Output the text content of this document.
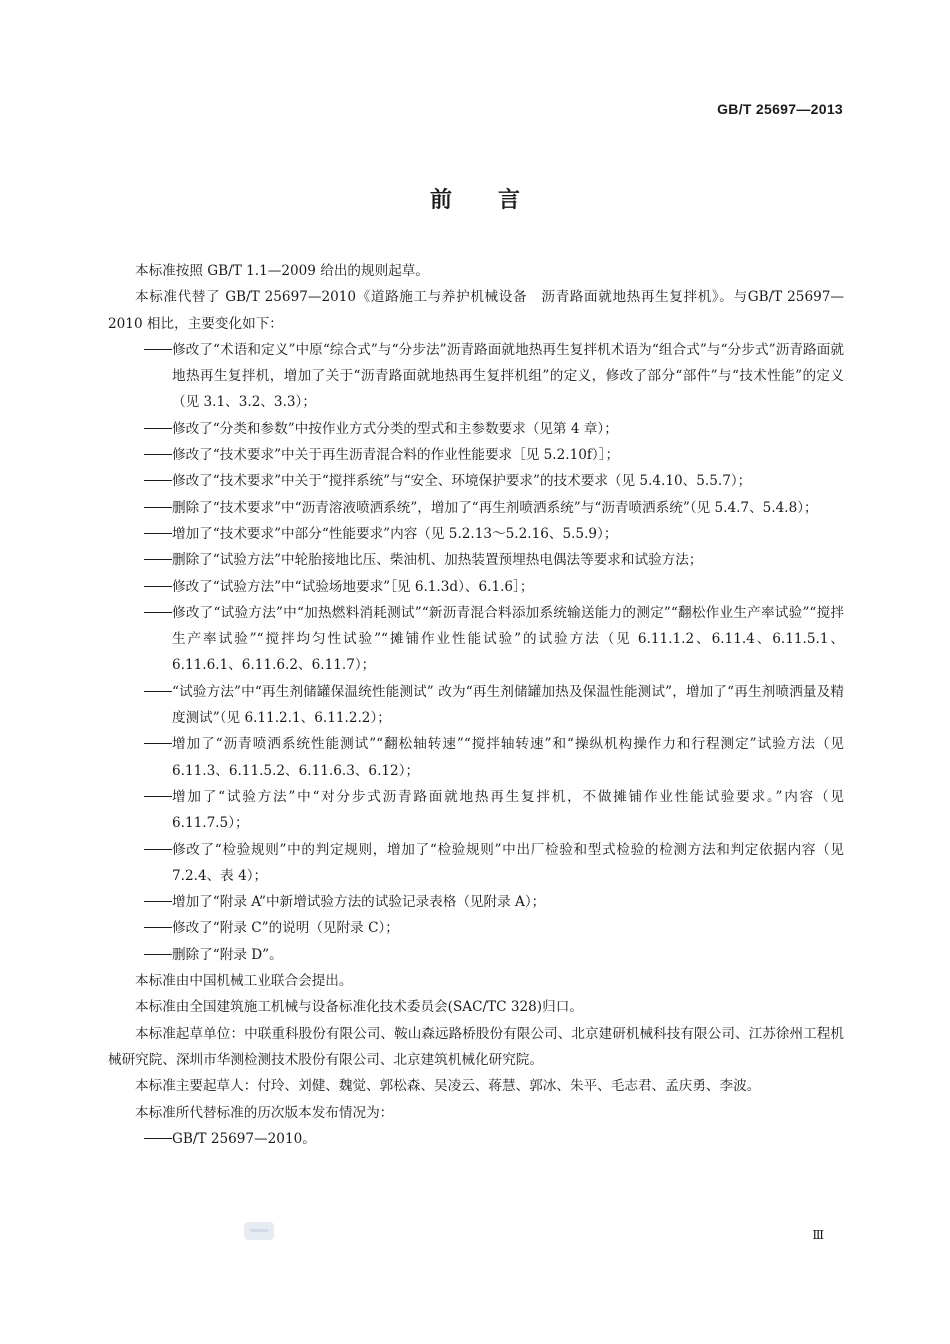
GB/T 25697—2013
前 言

本标准按照 GB/T 1.1—2009 给出的规则起草。

本标准代替了 GB/T 25697—2010《道路施工与养护机械设备　沥青路面就地热再生复拌机》。与GB/T 25697—2010 相比，主要变化如下：

修改了“术语和定义”中原“综合式”与“分步法”沥青路面就地热再生复拌机术语为“组合式”与“分步式”沥青路面就地热再生复拌机，增加了关于“沥青路面就地热再生复拌机组”的定义，修改了部分“部件”与“技术性能”的定义（见 3.1、3.2、3.3）；

修改了“分类和参数”中按作业方式分类的型式和主参数要求（见第 4 章）；

修改了“技术要求”中关于再生沥青混合料的作业性能要求［见 5.2.10f）］；

修改了“技术要求”中关于“搅拌系统”与“安全、环境保护要求”的技术要求（见 5.4.10、5.5.7）；

删除了“技术要求”中“沥青溶液喷洒系统”，增加了“再生剂喷洒系统”与“沥青喷洒系统”（见 5.4.7、5.4.8）；

增加了“技术要求”中部分“性能要求”内容（见 5.2.13～5.2.16、5.5.9）；

删除了“试验方法”中轮胎接地比压、柴油机、加热装置预埋热电偶法等要求和试验方法；

修改了“试验方法”中“试验场地要求”［见 6.1.3d）、6.1.6］；

修改了“试验方法”中“加热燃料消耗测试”“新沥青混合料添加系统输送能力的测定”“翻松作业生产率试验”“搅拌生产率试验”“搅拌均匀性试验”“摊铺作业性能试验”的试验方法（见 6.11.1.2、6.11.4、6.11.5.1、6.11.6.1、6.11.6.2、6.11.7）；

“试验方法”中“再生剂储罐保温统性能测试” 改为“再生剂储罐加热及保温性能测试”，增加了“再生剂喷洒量及精度测试”（见 6.11.2.1、6.11.2.2）；

增加了“沥青喷洒系统性能测试”“翻松轴转速”“搅拌轴转速”和“操纵机构操作力和行程测定”试验方法（见 6.11.3、6.11.5.2、6.11.6.3、6.12）；

增加了“试验方法”中“对分步式沥青路面就地热再生复拌机，不做摊铺作业性能试验要求。”内容（见 6.11.7.5）；

修改了“检验规则”中的判定规则，增加了“检验规则”中出厂检验和型式检验的检测方法和判定依据内容（见 7.2.4、表 4）；

增加了“附录 A”中新增试验方法的试验记录表格（见附录 A）；

修改了“附录 C”的说明（见附录 C）；

删除了“附录 D”。

本标准由中国机械工业联合会提出。

本标准由全国建筑施工机械与设备标准化技术委员会(SAC/TC 328)归口。

本标准起草单位：中联重科股份有限公司、鞍山森远路桥股份有限公司、北京建研机械科技有限公司、江苏徐州工程机械研究院、深圳市华测检测技术股份有限公司、北京建筑机械化研究院。

本标准主要起草人：付玲、刘健、魏觉、郭松森、吴凌云、蒋慧、郭冰、朱平、毛志君、孟庆勇、李波。

本标准所代替标准的历次版本发布情况为：

GB/T 25697—2010。

Ⅲ
